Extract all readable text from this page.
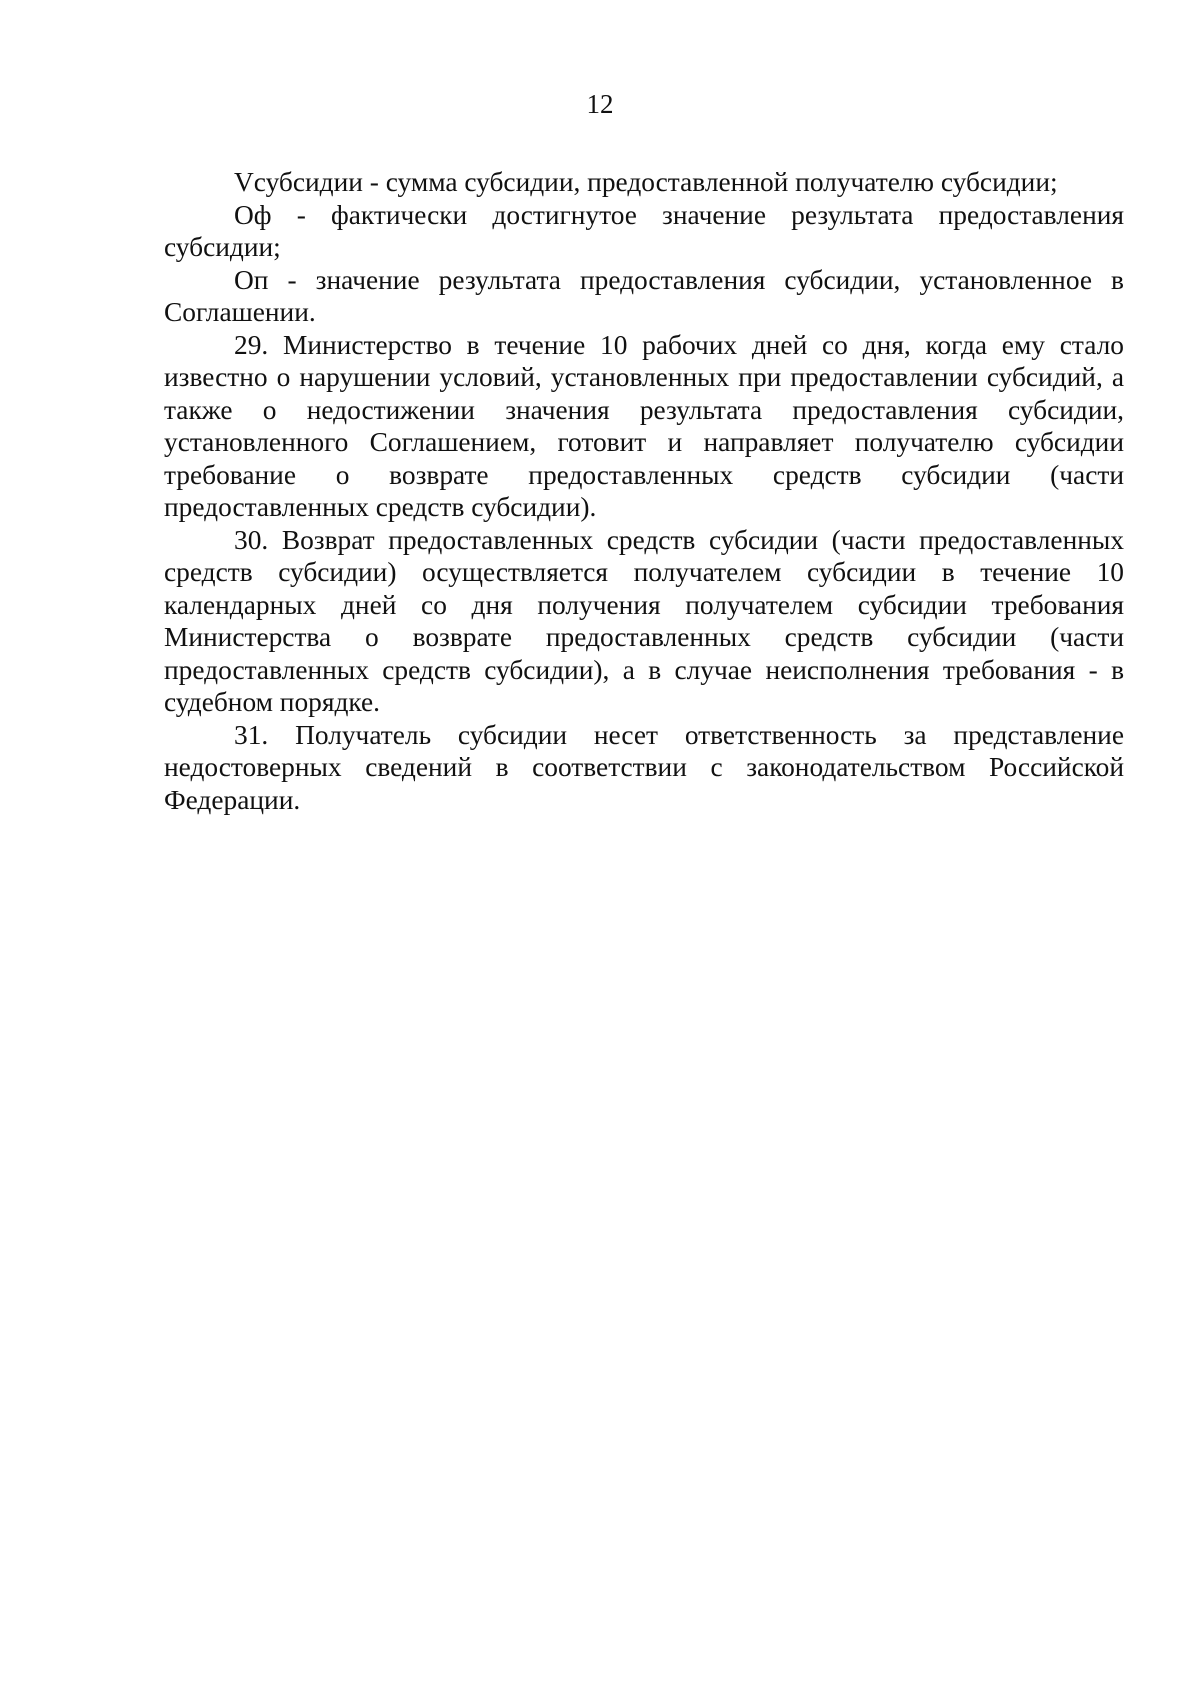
12

Vсубсидии - сумма субсидии, предоставленной получателю субсидии;

Оф - фактически достигнутое значение результата предоставления субсидии;

Оп - значение результата предоставления субсидии, установленное в Соглашении.

29. Министерство в течение 10 рабочих дней со дня, когда ему стало известно о нарушении условий, установленных при предоставлении субсидий, а также о недостижении значения результата предоставления субсидии, установленного Соглашением, готовит и направляет получателю субсидии требование о возврате предоставленных средств субсидии (части предоставленных средств субсидии).

30. Возврат предоставленных средств субсидии (части предоставленных средств субсидии) осуществляется получателем субсидии в течение 10 календарных дней со дня получения получателем субсидии требования Министерства о возврате предоставленных средств субсидии (части предоставленных средств субсидии), а в случае неисполнения требования - в судебном порядке.

31. Получатель субсидии несет ответственность за представление недостоверных сведений в соответствии с законодательством Российской Федерации.
